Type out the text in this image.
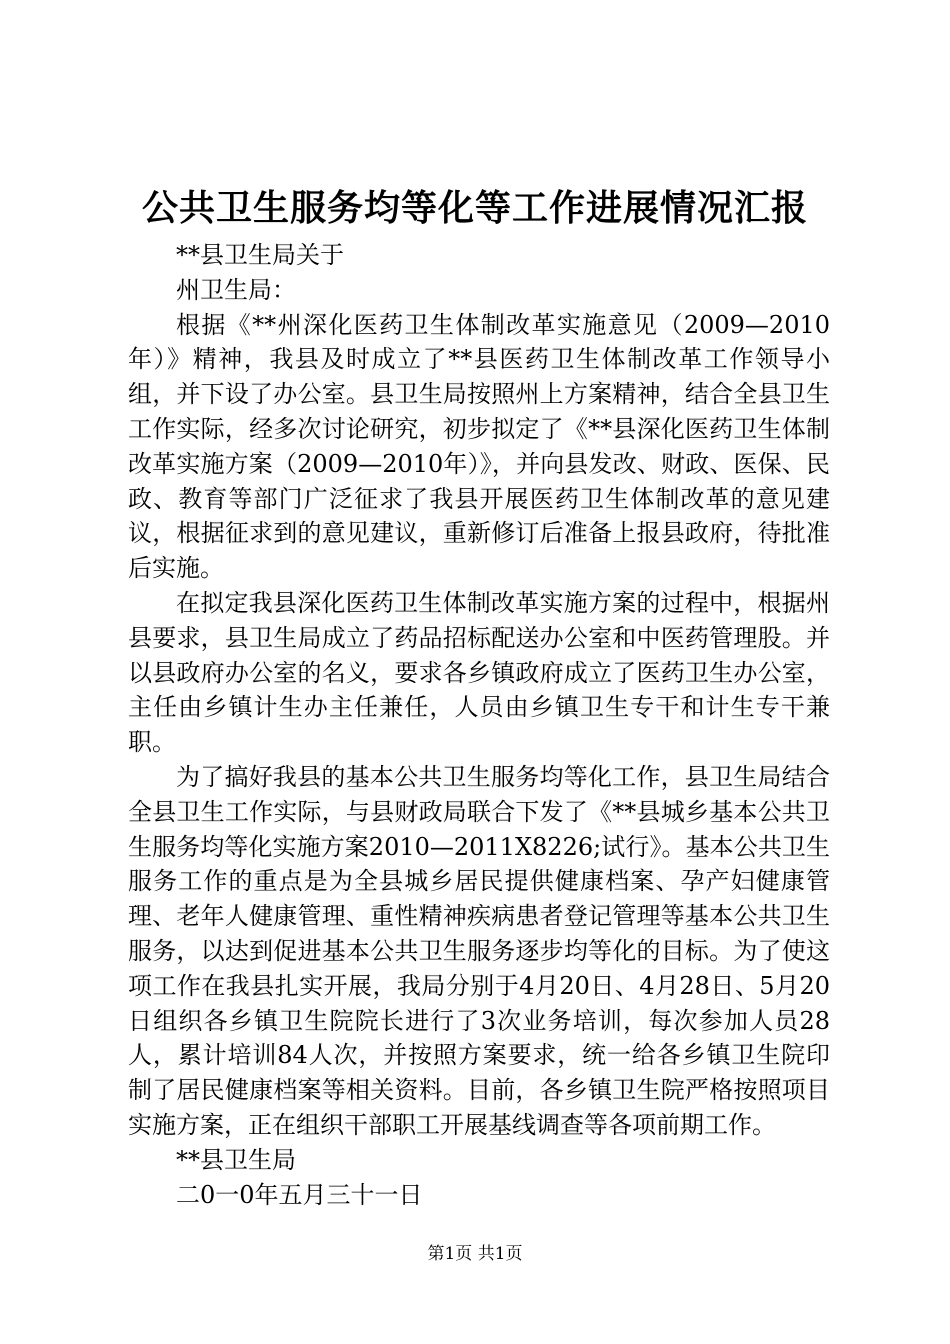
公共卫生服务均等化等工作进展情况汇报

**县卫生局关于

州卫生局：

根据《**州深化医药卫生体制改革实施意见（2009—2010年）》精神，我县及时成立了**县医药卫生体制改革工作领导小组，并下设了办公室。县卫生局按照州上方案精神，结合全县卫生工作实际，经多次讨论研究，初步拟定了《**县深化医药卫生体制改革实施方案（2009—2010年）》，并向县发改、财政、医保、民政、教育等部门广泛征求了我县开展医药卫生体制改革的意见建议，根据征求到的意见建议，重新修订后准备上报县政府，待批准后实施。

在拟定我县深化医药卫生体制改革实施方案的过程中，根据州县要求，县卫生局成立了药品招标配送办公室和中医药管理股。并以县政府办公室的名义，要求各乡镇政府成立了医药卫生办公室，主任由乡镇计生办主任兼任，人员由乡镇卫生专干和计生专干兼职。

为了搞好我县的基本公共卫生服务均等化工作，县卫生局结合全县卫生工作实际，与县财政局联合下发了《**县城乡基本公共卫生服务均等化实施方案2010—2011X8226;试行》。基本公共卫生服务工作的重点是为全县城乡居民提供健康档案、孕产妇健康管理、老年人健康管理、重性精神疾病患者登记管理等基本公共卫生服务，以达到促进基本公共卫生服务逐步均等化的目标。为了使这项工作在我县扎实开展，我局分别于4月20日、4月28日、5月20日组织各乡镇卫生院院长进行了3次业务培训，每次参加人员28人，累计培训84人次，并按照方案要求，统一给各乡镇卫生院印制了居民健康档案等相关资料。目前，各乡镇卫生院严格按照项目实施方案，正在组织干部职工开展基线调查等各项前期工作。

**县卫生局

二0一0年五月三十一日

第1页 共1页
